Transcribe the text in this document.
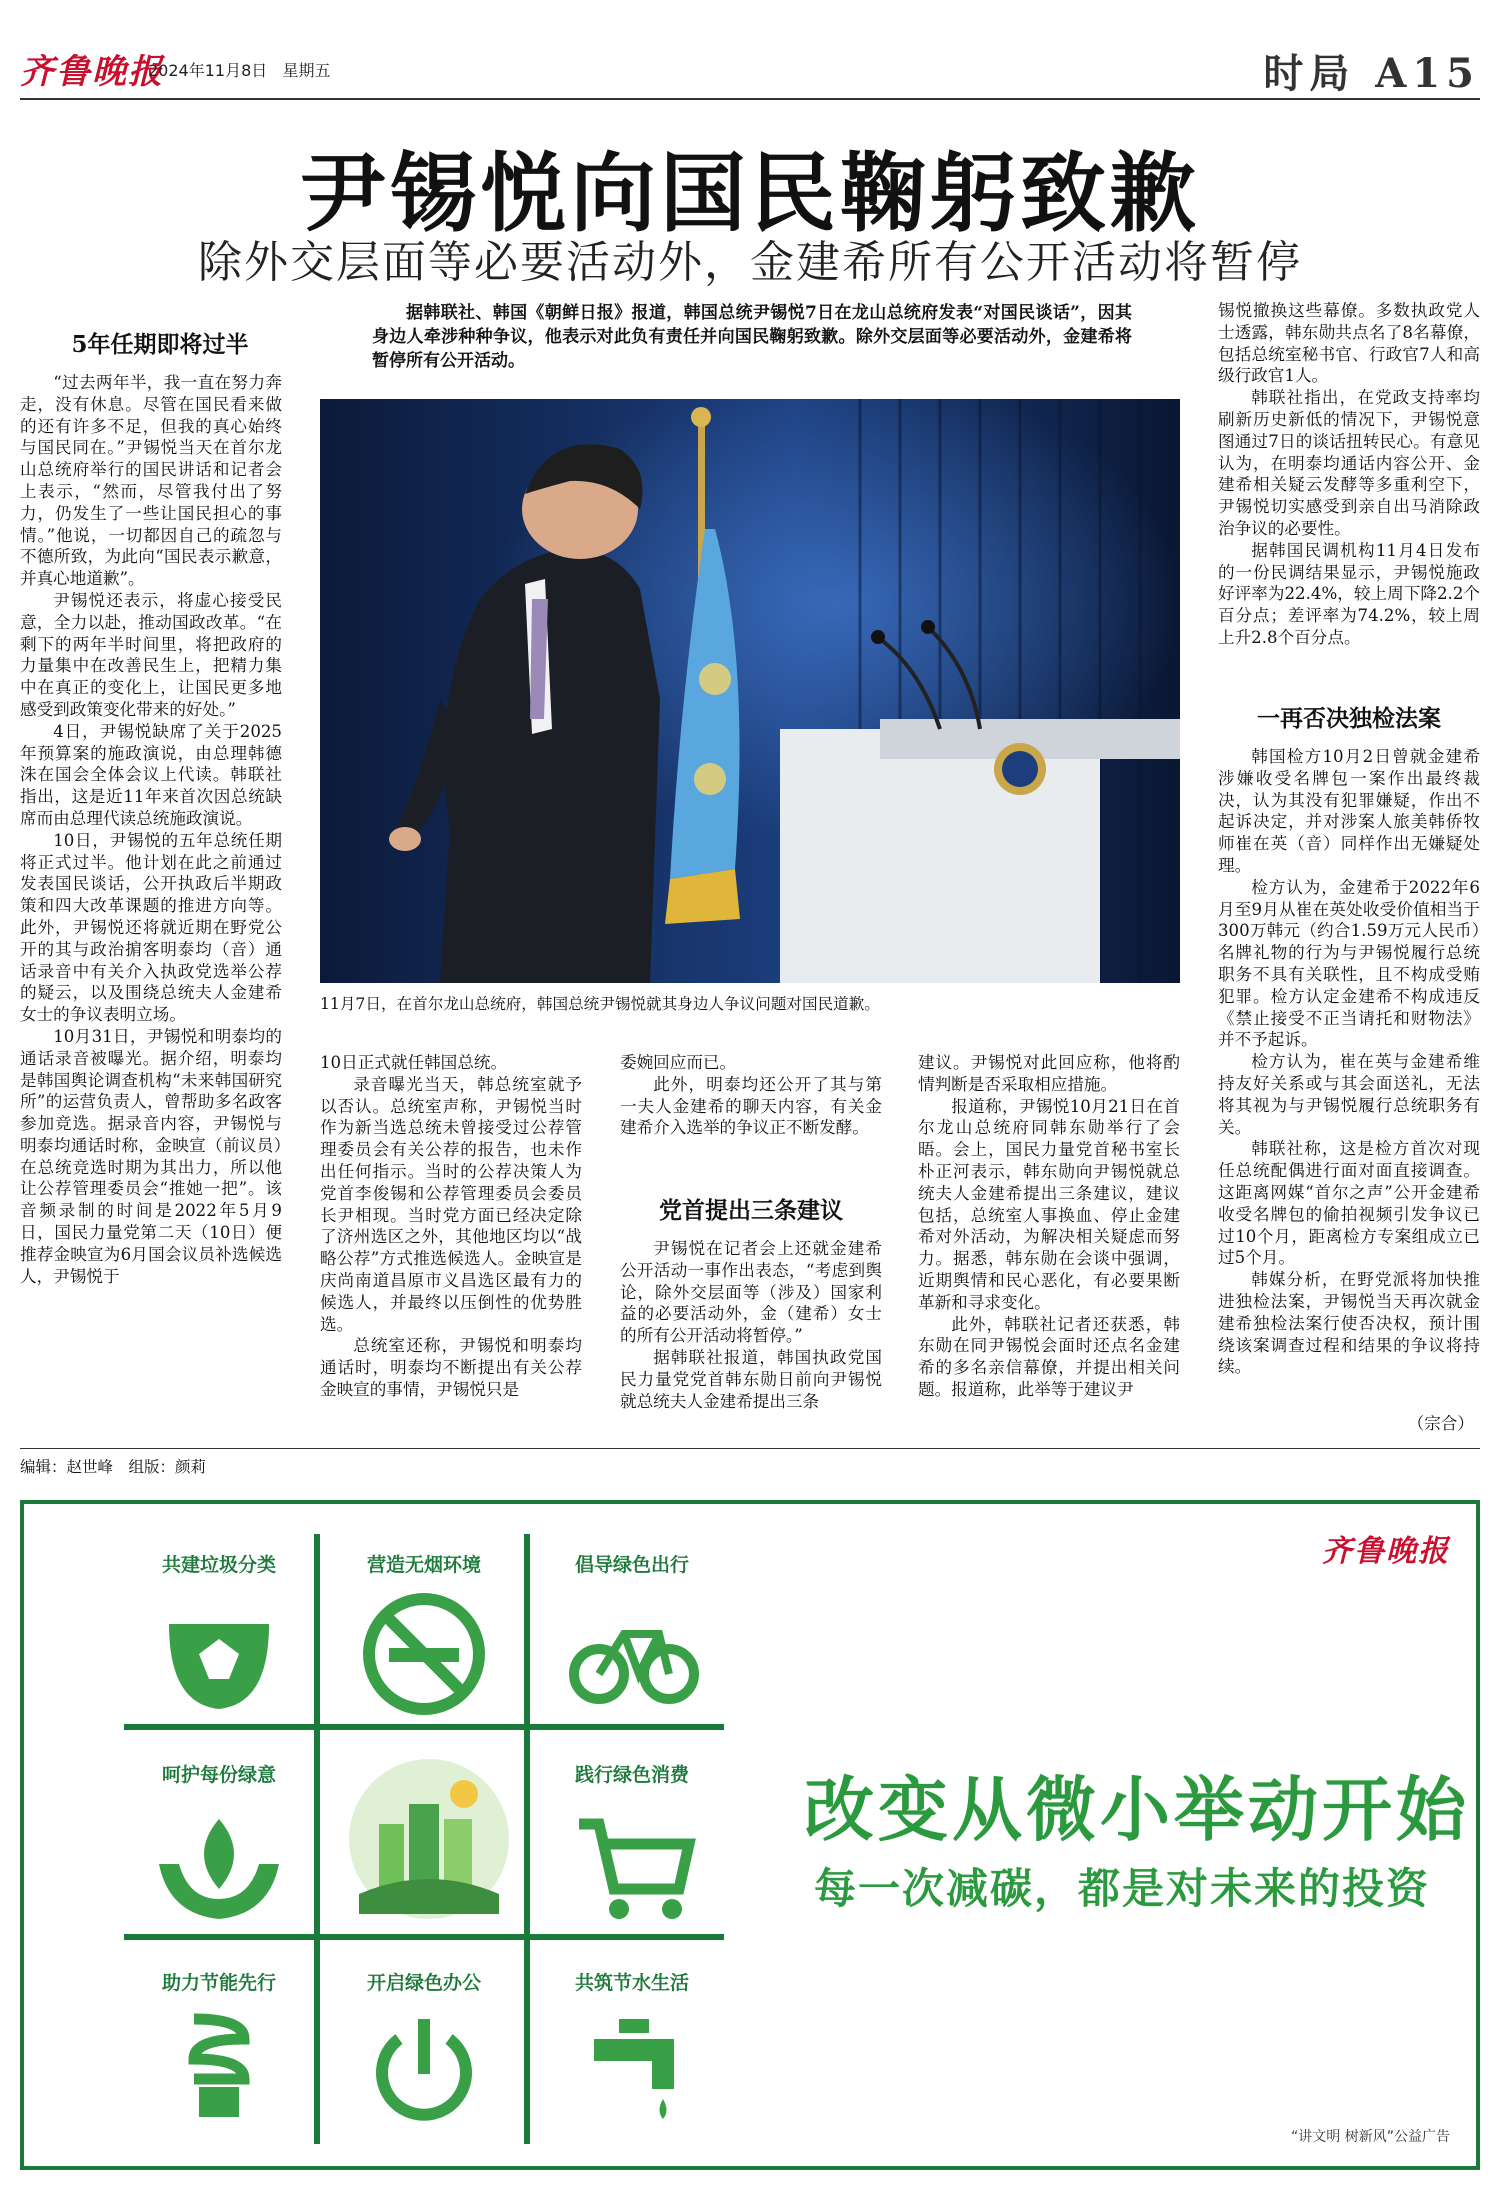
齐鲁晚报
2024年11月8日 星期五	时局 A15
尹锡悦向国民鞠躬致歉
除外交层面等必要活动外，金建希所有公开活动将暂停
5年任期即将过半

“过去两年半，我一直在努力奔走，没有休息。尽管在国民看来做的还有许多不足，但我的真心始终与国民同在。”尹锡悦当天在首尔龙山总统府举行的国民讲话和记者会上表示，“然而，尽管我付出了努力，仍发生了一些让国民担心的事情。”他说，一切都因自己的疏忽与不德所致，为此向“国民表示歉意，并真心地道歉”。

尹锡悦还表示，将虚心接受民意，全力以赴，推动国政改革。“在剩下的两年半时间里，将把政府的力量集中在改善民生上，把精力集中在真正的变化上，让国民更多地感受到政策变化带来的好处。”

4日，尹锡悦缺席了关于2025年预算案的施政演说，由总理韩德洙在国会全体会议上代读。韩联社指出，这是近11年来首次因总统缺席而由总理代读总统施政演说。

10日，尹锡悦的五年总统任期将正式过半。他计划在此之前通过发表国民谈话，公开执政后半期政策和四大改革课题的推进方向等。此外，尹锡悦还将就近期在野党公开的其与政治掮客明泰均（音）通话录音中有关介入执政党选举公荐的疑云，以及围绕总统夫人金建希女士的争议表明立场。

10月31日，尹锡悦和明泰均的通话录音被曝光。据介绍，明泰均是韩国舆论调查机构“未来韩国研究所”的运营负责人，曾帮助多名政客参加竞选。据录音内容，尹锡悦与明泰均通话时称，金映宣（前议员）在总统竞选时期为其出力，所以他让公荐管理委员会“推她一把”。该音频录制的时间是2022年5月9日，国民力量党第二天（10日）便推荐金映宣为6月国会议员补选候选人，尹锡悦于

据韩联社、韩国《朝鲜日报》报道，韩国总统尹锡悦7日在龙山总统府发表“对国民谈话”，因其身边人牵涉种种争议，他表示对此负有责任并向国民鞠躬致歉。除外交层面等必要活动外，金建希将暂停所有公开活动。
11月7日，在首尔龙山总统府，韩国总统尹锡悦就其身边人争议问题对国民道歉。

10日正式就任韩国总统。

录音曝光当天，韩总统室就予以否认。总统室声称，尹锡悦当时作为新当选总统未曾接受过公荐管理委员会有关公荐的报告，也未作出任何指示。当时的公荐决策人为党首李俊锡和公荐管理委员会委员长尹相现。当时党方面已经决定除了济州选区之外，其他地区均以“战略公荐”方式推选候选人。金映宣是庆尚南道昌原市义昌选区最有力的候选人，并最终以压倒性的优势胜选。

总统室还称，尹锡悦和明泰均通话时，明泰均不断提出有关公荐金映宣的事情，尹锡悦只是

委婉回应而已。

此外，明泰均还公开了其与第一夫人金建希的聊天内容，有关金建希介入选举的争议正不断发酵。

党首提出三条建议

尹锡悦在记者会上还就金建希公开活动一事作出表态，“考虑到舆论，除外交层面等（涉及）国家利益的必要活动外，金（建希）女士的所有公开活动将暂停。”

据韩联社报道，韩国执政党国民力量党党首韩东勋日前向尹锡悦就总统夫人金建希提出三条

建议。尹锡悦对此回应称，他将酌情判断是否采取相应措施。

报道称，尹锡悦10月21日在首尔龙山总统府同韩东勋举行了会晤。会上，国民力量党首秘书室长朴正河表示，韩东勋向尹锡悦就总统夫人金建希提出三条建议，建议包括，总统室人事换血、停止金建希对外活动，为解决相关疑虑而努力。据悉，韩东勋在会谈中强调，近期舆情和民心恶化，有必要果断革新和寻求变化。

此外，韩联社记者还获悉，韩东勋在同尹锡悦会面时还点名金建希的多名亲信幕僚，并提出相关问题。报道称，此举等于建议尹

锡悦撤换这些幕僚。多数执政党人士透露，韩东勋共点名了8名幕僚，包括总统室秘书官、行政官7人和高级行政官1人。

韩联社指出，在党政支持率均刷新历史新低的情况下，尹锡悦意图通过7日的谈话扭转民心。有意见认为，在明泰均通话内容公开、金建希相关疑云发酵等多重利空下，尹锡悦切实感受到亲自出马消除政治争议的必要性。

据韩国民调机构11月4日发布的一份民调结果显示，尹锡悦施政好评率为22.4%，较上周下降2.2个百分点；差评率为74.2%，较上周上升2.8个百分点。

一再否决独检法案

韩国检方10月2日曾就金建希涉嫌收受名牌包一案作出最终裁决，认为其没有犯罪嫌疑，作出不起诉决定，并对涉案人旅美韩侨牧师崔在英（音）同样作出无嫌疑处理。

检方认为，金建希于2022年6月至9月从崔在英处收受价值相当于300万韩元（约合1.59万元人民币）名牌礼物的行为与尹锡悦履行总统职务不具有关联性，且不构成受贿犯罪。检方认定金建希不构成违反《禁止接受不正当请托和财物法》并不予起诉。

检方认为，崔在英与金建希维持友好关系或与其会面送礼，无法将其视为与尹锡悦履行总统职务有关。

韩联社称，这是检方首次对现任总统配偶进行面对面直接调查。这距离网媒“首尔之声”公开金建希收受名牌包的偷拍视频引发争议已过10个月，距离检方专案组成立已过5个月。

韩媒分析，在野党派将加快推进独检法案，尹锡悦当天再次就金建希独检法案行使否决权，预计围绕该案调查过程和结果的争议将持续。

（宗合）
编辑：赵世峰　组版：颜莉
齐鲁晚报
共建垃圾分类	营造无烟环境	倡导绿色出行
呵护每份绿意	践行绿色消费
助力节能先行	开启绿色办公	共筑节水生活
改变从微小举动开始
每一次减碳，都是对未来的投资
“讲文明 树新风”公益广告
